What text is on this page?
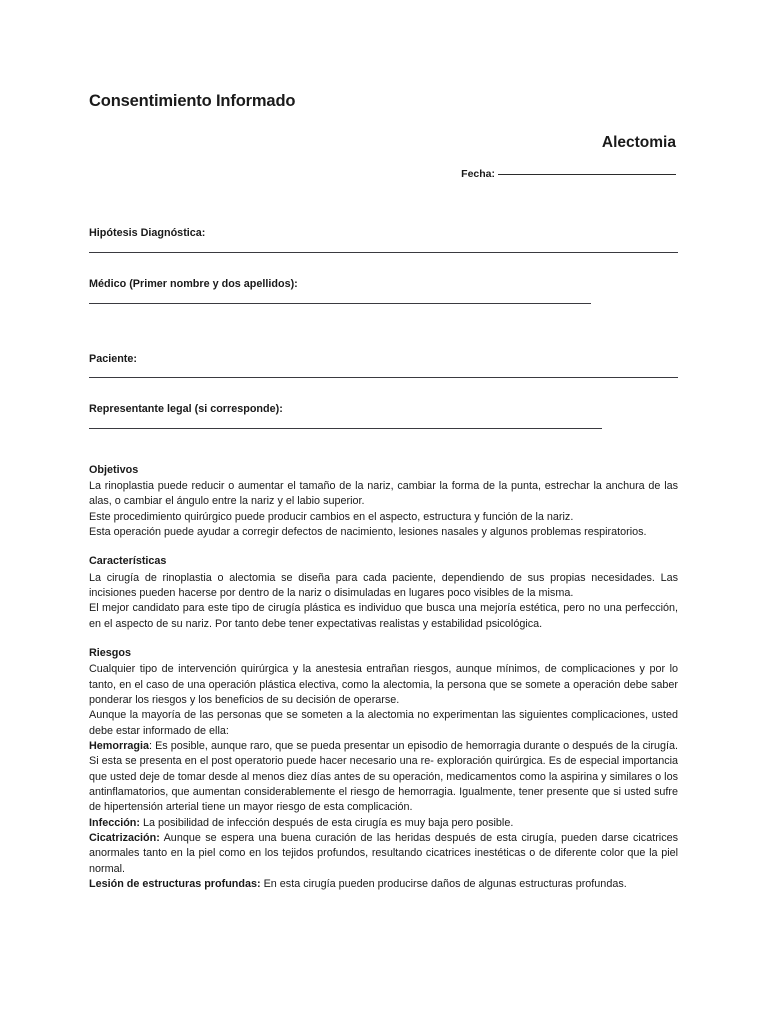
Consentimiento Informado
Alectomia
Fecha:

Hipótesis Diagnóstica:

Médico (Primer nombre y dos apellidos):

Paciente:

Representante legal (si corresponde):

Objetivos

La rinoplastia puede reducir o aumentar el tamaño de la nariz, cambiar la forma de la punta, estrechar la anchura de las alas, o cambiar el ángulo entre la nariz y el labio superior.

Este procedimiento quirúrgico puede producir cambios en el aspecto, estructura y función de la nariz.

Esta operación puede ayudar a corregir defectos de nacimiento, lesiones nasales y algunos problemas respiratorios.

Características

La cirugía de rinoplastia o alectomia se diseña para cada paciente, dependiendo de sus propias necesidades. Las incisiones pueden hacerse por dentro de la nariz o disimuladas en lugares poco visibles de la misma.

El mejor candidato para este tipo de cirugía plástica es individuo que busca una mejoría estética, pero no una perfección, en el aspecto de su nariz. Por tanto debe tener expectativas realistas y estabilidad psicológica.

Riesgos

Cualquier tipo de intervención quirúrgica y la anestesia entrañan riesgos, aunque mínimos, de complicaciones y por lo tanto, en el caso de una operación plástica electiva, como la alectomia, la persona que se somete a operación debe saber ponderar los riesgos y los beneficios de su decisión de operarse.

Aunque la mayoría de las personas que se someten a la alectomia no experimentan las siguientes complicaciones, usted debe estar informado de ella:

Hemorragia: Es posible, aunque raro, que se pueda presentar un episodio de hemorragia durante o después de la cirugía. Si esta se presenta en el post operatorio puede hacer necesario una re- exploración quirúrgica. Es de especial importancia que usted deje de tomar desde al menos diez días antes de su operación, medicamentos como la aspirina y similares o los antinflamatorios, que aumentan considerablemente el riesgo de hemorragia. Igualmente, tener presente que si usted sufre de hipertensión arterial tiene un mayor riesgo de esta complicación.

Infección: La posibilidad de infección después de esta cirugía es muy baja pero posible.

Cicatrización: Aunque se espera una buena curación de las heridas después de esta cirugía, pueden darse cicatrices anormales tanto en la piel como en los tejidos profundos, resultando cicatrices inestéticas o de diferente color que la piel normal.

Lesión de estructuras profundas: En esta cirugía pueden producirse daños de algunas estructuras profundas.
